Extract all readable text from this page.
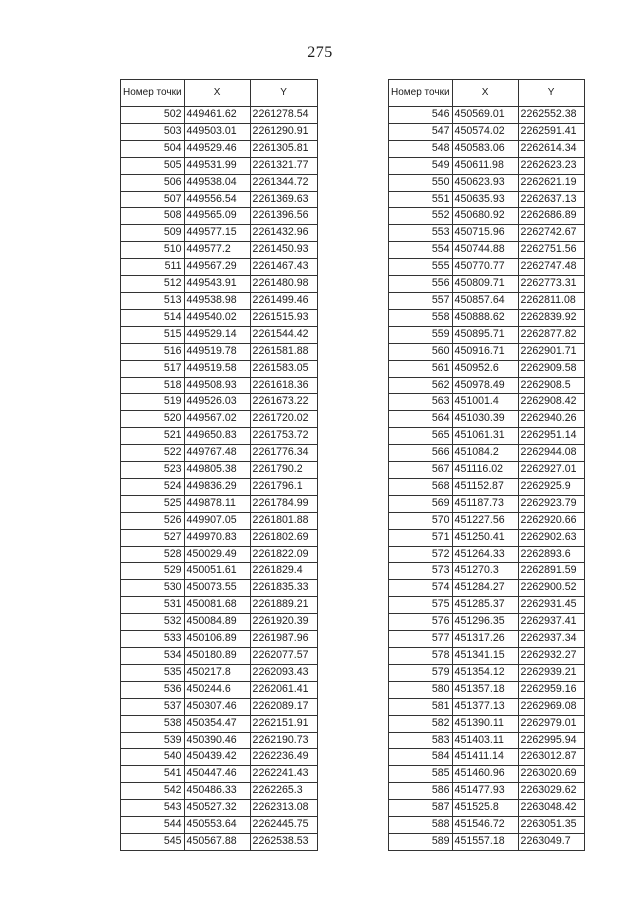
275
Номер точки	X	Y
502	449461.62	2261278.54
503	449503.01	2261290.91
504	449529.46	2261305.81
505	449531.99	2261321.77
506	449538.04	2261344.72
507	449556.54	2261369.63
508	449565.09	2261396.56
509	449577.15	2261432.96
510	449577.2	2261450.93
511	449567.29	2261467.43
512	449543.91	2261480.98
513	449538.98	2261499.46
514	449540.02	2261515.93
515	449529.14	2261544.42
516	449519.78	2261581.88
517	449519.58	2261583.05
518	449508.93	2261618.36
519	449526.03	2261673.22
520	449567.02	2261720.02
521	449650.83	2261753.72
522	449767.48	2261776.34
523	449805.38	2261790.2
524	449836.29	2261796.1
525	449878.11	2261784.99
526	449907.05	2261801.88
527	449970.83	2261802.69
528	450029.49	2261822.09
529	450051.61	2261829.4
530	450073.55	2261835.33
531	450081.68	2261889.21
532	450084.89	2261920.39
533	450106.89	2261987.96
534	450180.89	2262077.57
535	450217.8	2262093.43
536	450244.6	2262061.41
537	450307.46	2262089.17
538	450354.47	2262151.91
539	450390.46	2262190.73
540	450439.42	2262236.49
541	450447.46	2262241.43
542	450486.33	2262265.3
543	450527.32	2262313.08
544	450553.64	2262445.75
545	450567.88	2262538.53
Номер точки	X	Y
546	450569.01	2262552.38
547	450574.02	2262591.41
548	450583.06	2262614.34
549	450611.98	2262623.23
550	450623.93	2262621.19
551	450635.93	2262637.13
552	450680.92	2262686.89
553	450715.96	2262742.67
554	450744.88	2262751.56
555	450770.77	2262747.48
556	450809.71	2262773.31
557	450857.64	2262811.08
558	450888.62	2262839.92
559	450895.71	2262877.82
560	450916.71	2262901.71
561	450952.6	2262909.58
562	450978.49	2262908.5
563	451001.4	2262908.42
564	451030.39	2262940.26
565	451061.31	2262951.14
566	451084.2	2262944.08
567	451116.02	2262927.01
568	451152.87	2262925.9
569	451187.73	2262923.79
570	451227.56	2262920.66
571	451250.41	2262902.63
572	451264.33	2262893.6
573	451270.3	2262891.59
574	451284.27	2262900.52
575	451285.37	2262931.45
576	451296.35	2262937.41
577	451317.26	2262937.34
578	451341.15	2262932.27
579	451354.12	2262939.21
580	451357.18	2262959.16
581	451377.13	2262969.08
582	451390.11	2262979.01
583	451403.11	2262995.94
584	451411.14	2263012.87
585	451460.96	2263020.69
586	451477.93	2263029.62
587	451525.8	2263048.42
588	451546.72	2263051.35
589	451557.18	2263049.7
